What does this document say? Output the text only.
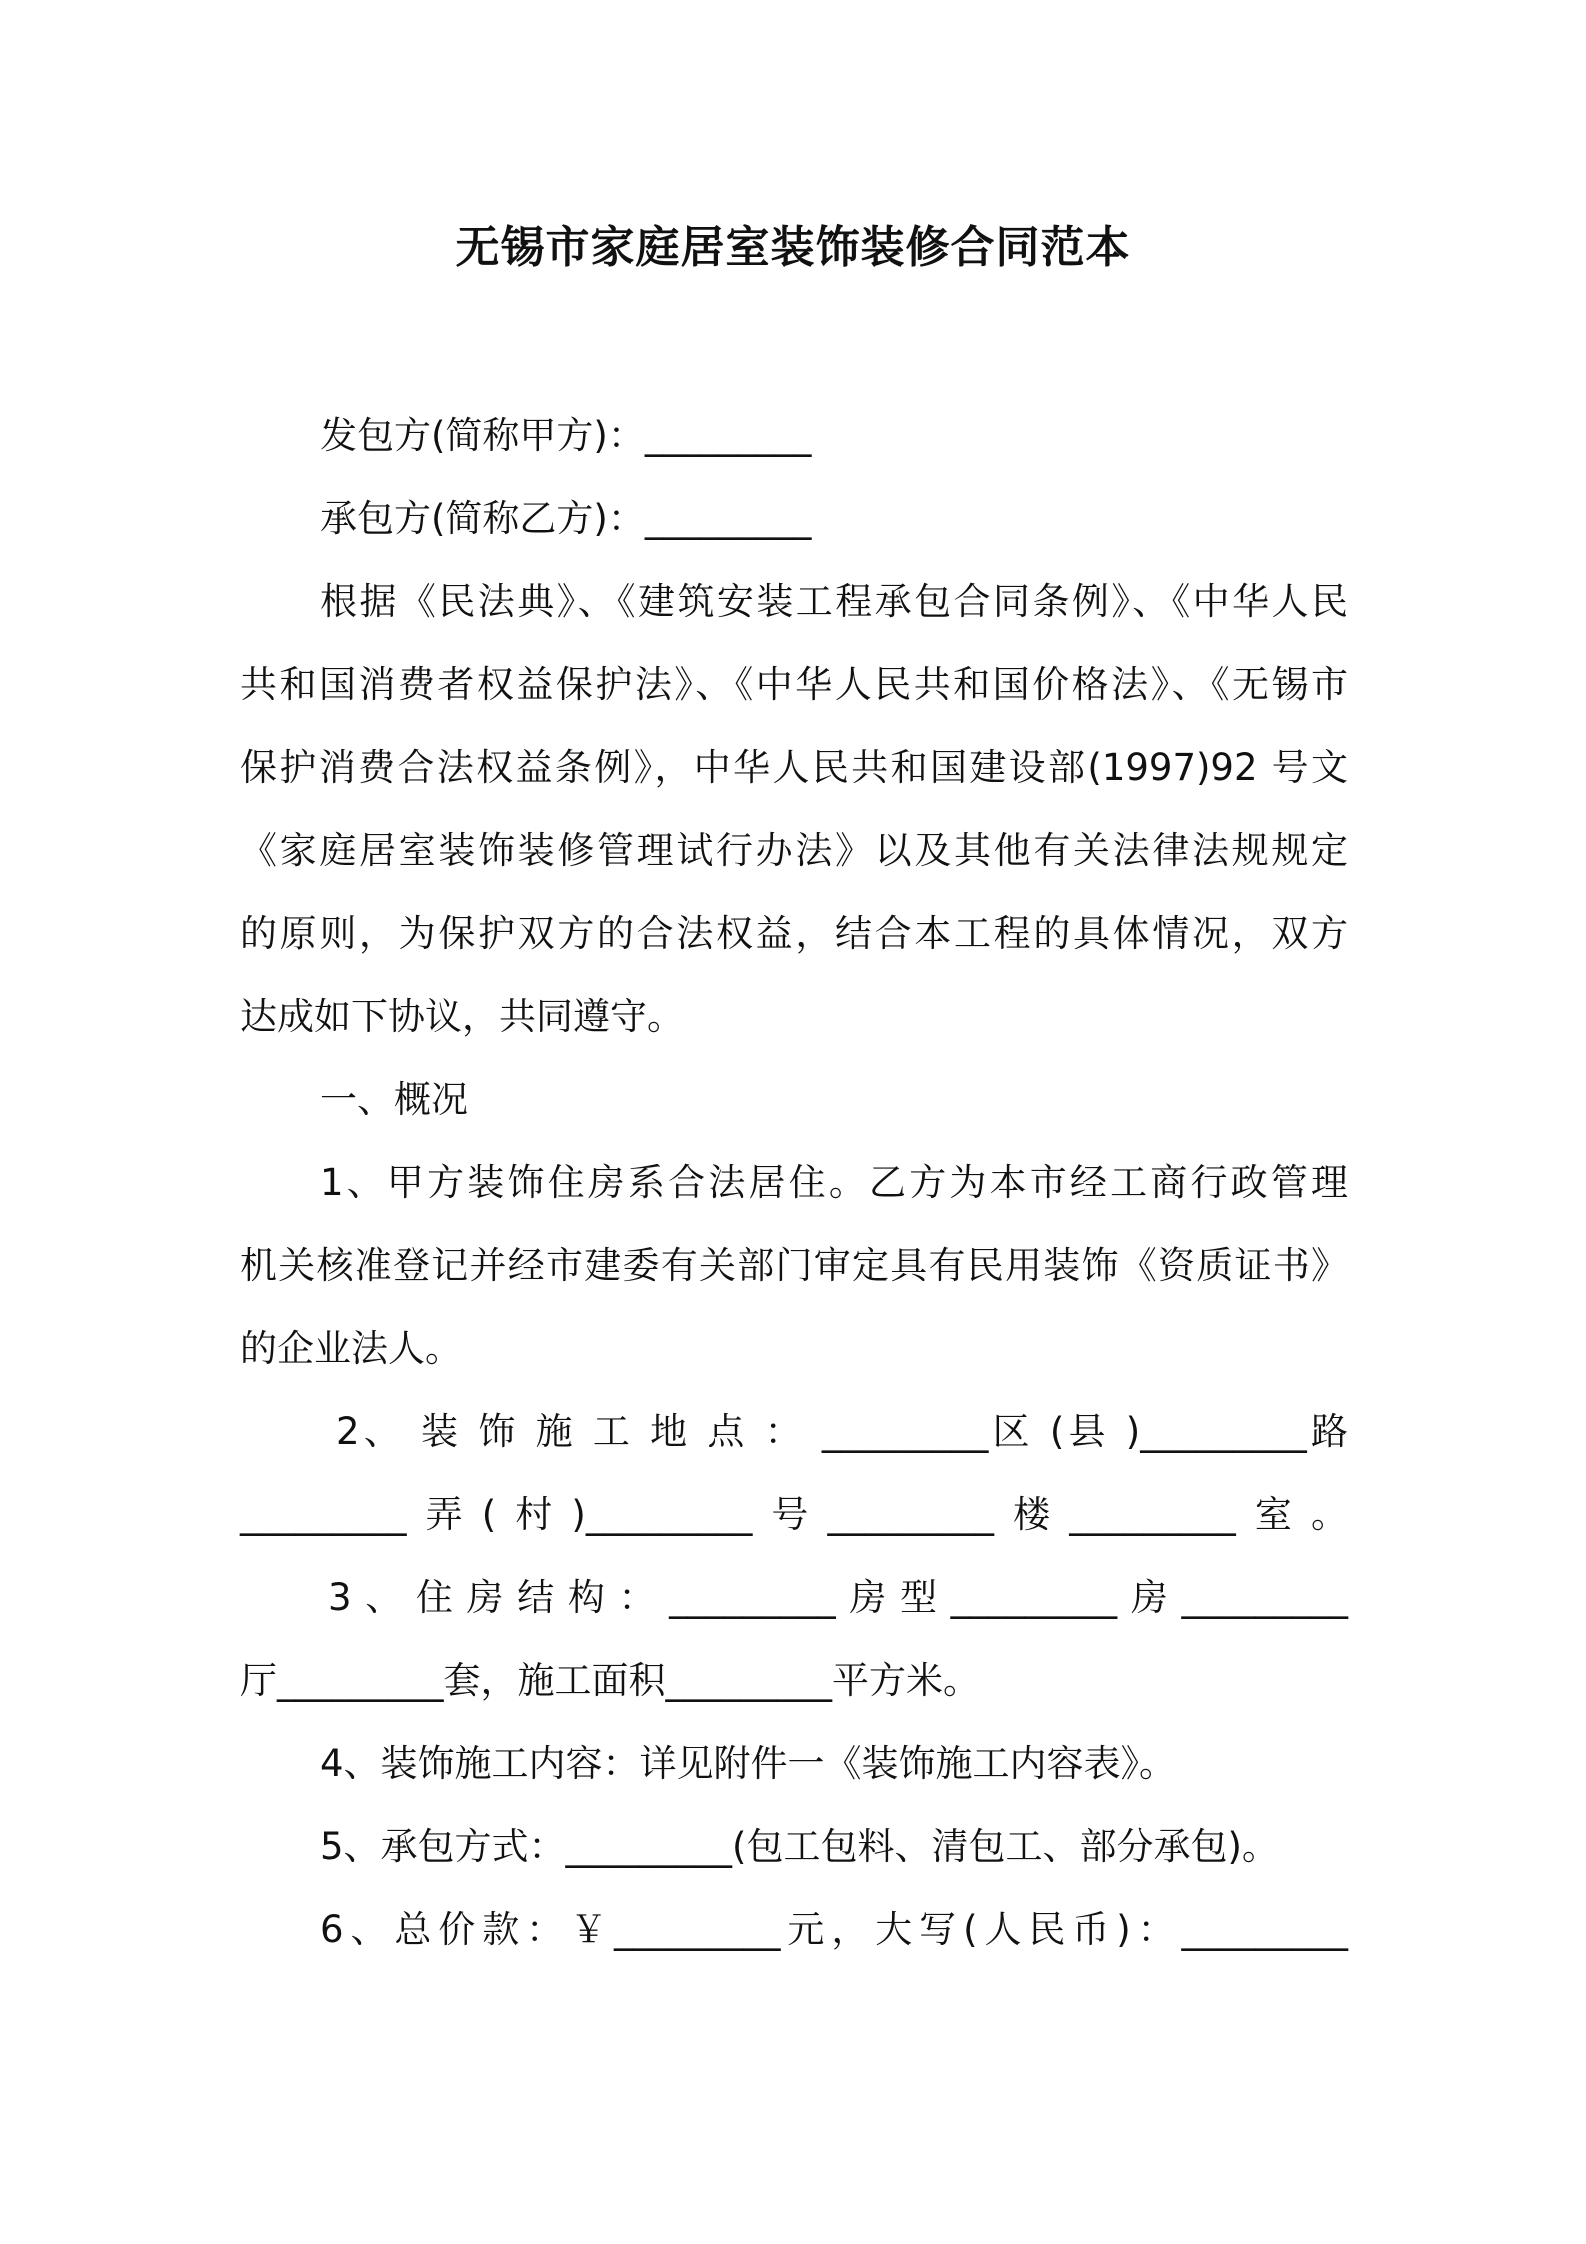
无锡市家庭居室装饰装修合同范本
发包方(简称甲方)：_________
承包方(简称乙方)：_________
根据《民法典》、《建筑安装工程承包合同条例》、《中华人民
共和国消费者权益保护法》、《中华人民共和国价格法》、《无锡市
保护消费合法权益条例》，中华人民共和国建设部(1997)92 号文
《家庭居室装饰装修管理试行办法》以及其他有关法律法规规定
的原则，为保护双方的合法权益，结合本工程的具体情况，双方
达成如下协议，共同遵守。
一、概况
1、甲方装饰住房系合法居住。乙方为本市经工商行政管理
机关核准登记并经市建委有关部门审定具有民用装饰《资质证书》
的企业法人。
2、 装 饰 施 工 地 点 ： _________区 (县 )_________路
_________弄(村)_________号_________楼_________室。
3、住房结构：_________房型_________房_________
厅_________套，施工面积_________平方米。
4、装饰施工内容：详见附件一《装饰施工内容表》。
5、承包方式：_________(包工包料、清包工、部分承包)。
6、总价款：￥_________元，大写(人民币)：_________
